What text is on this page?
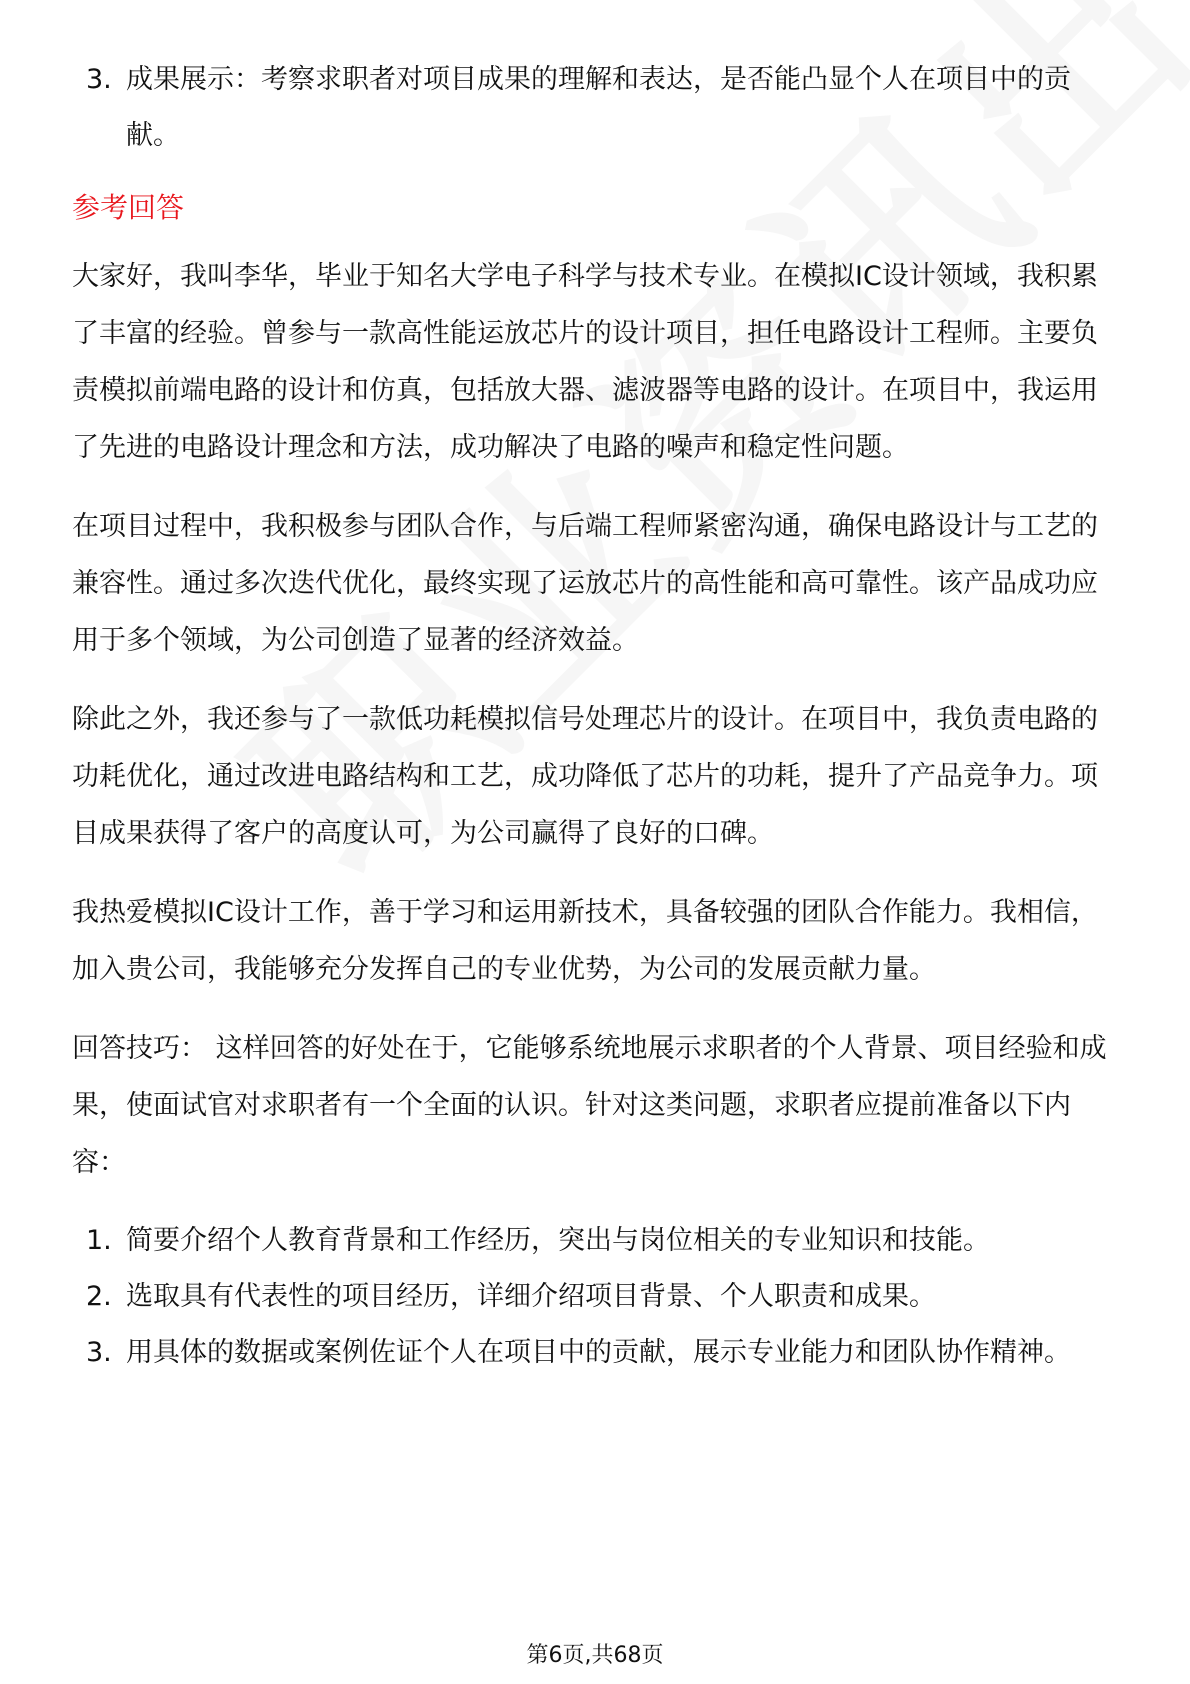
3. 成果展示：考察求职者对项目成果的理解和表达，是否能凸显个人在项目中的贡献。
参考回答

大家好，我叫李华，毕业于知名大学电子科学与技术专业。在模拟IC设计领域，我积累了丰富的经验。曾参与一款高性能运放芯片的设计项目，担任电路设计工程师。主要负责模拟前端电路的设计和仿真，包括放大器、滤波器等电路的设计。在项目中，我运用了先进的电路设计理念和方法，成功解决了电路的噪声和稳定性问题。

在项目过程中，我积极参与团队合作，与后端工程师紧密沟通，确保电路设计与工艺的兼容性。通过多次迭代优化，最终实现了运放芯片的高性能和高可靠性。该产品成功应用于多个领域，为公司创造了显著的经济效益。

除此之外，我还参与了一款低功耗模拟信号处理芯片的设计。在项目中，我负责电路的功耗优化，通过改进电路结构和工艺，成功降低了芯片的功耗，提升了产品竞争力。项目成果获得了客户的高度认可，为公司赢得了良好的口碑。

我热爱模拟IC设计工作，善于学习和运用新技术，具备较强的团队合作能力。我相信，加入贵公司，我能够充分发挥自己的专业优势，为公司的发展贡献力量。

回答技巧： 这样回答的好处在于，它能够系统地展示求职者的个人背景、项目经验和成果，使面试官对求职者有一个全面的认识。针对这类问题，求职者应提前准备以下内容：

1. 简要介绍个人教育背景和工作经历，突出与岗位相关的专业知识和技能。
2. 选取具有代表性的项目经历，详细介绍项目背景、个人职责和成果。
3. 用具体的数据或案例佐证个人在项目中的贡献，展示专业能力和团队协作精神。
第6页,共68页
